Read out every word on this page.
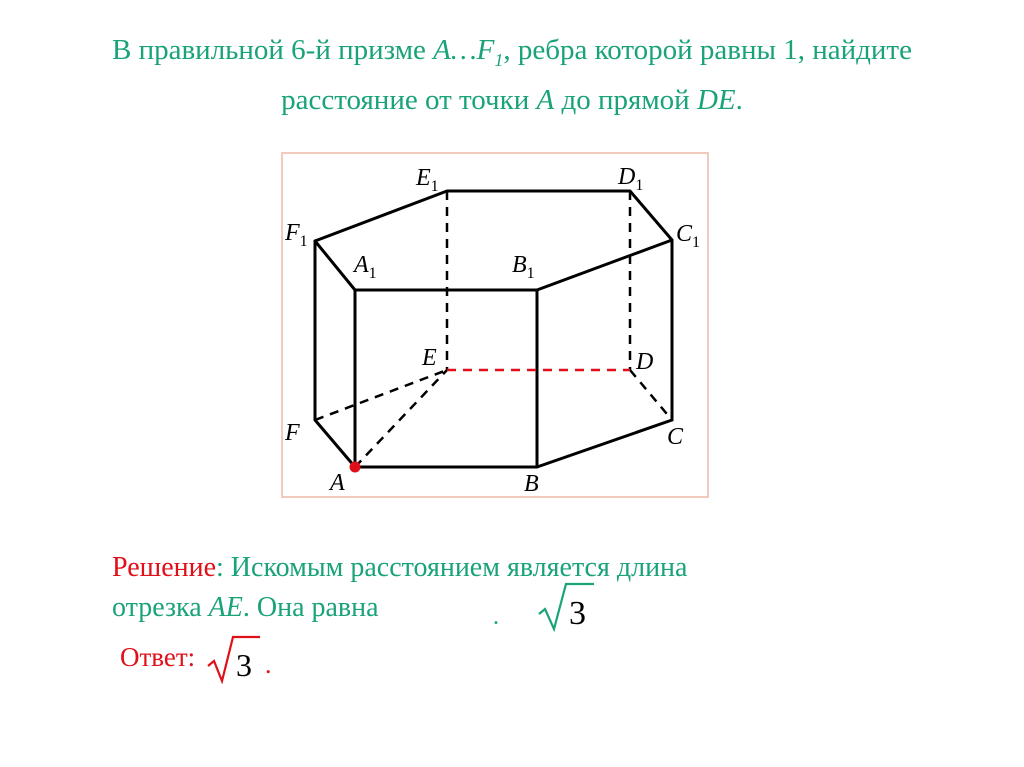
В правильной 6-й призме $A\dots F_1$, ребра которой равны 1, найдите
расстояние от точки A до прямой DE.
$E_1$	$D_1$
$F_1$	$C_1$
$A_1$	$B_1$
E	D
F	C
A	B
Решение: Искомым расстоянием является длина
отрезка AE. Она равна	. 3
Ответ: 3 .
